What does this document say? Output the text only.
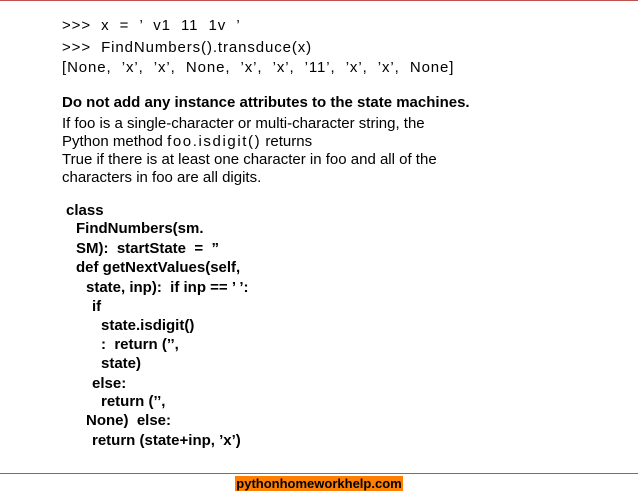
>>>  x  =  ’  v1  11  1v  ’
>>>  FindNumbers().transduce(x)
[None,  ’x’,  ’x’,  None,  ’x’,  ’x’,  ’11’,  ’x’,  ’x’,  None]
Do not add any instance attributes to the state machines.
If foo is a single-character or multi-character string, the
Python method foo.isdigit() returns
True if there is at least one character in foo and all of the
characters in foo are all digits.
class
FindNumbers(sm.
SM):  startState  =  ”
def getNextValues(self,
state, inp):  if inp == ’ ’:
if
state.isdigit()
:  return (’’,
state)
else:
return (’’,
None)  else:
return (state+inp, ’x’)
pythonhomeworkhelp.com
